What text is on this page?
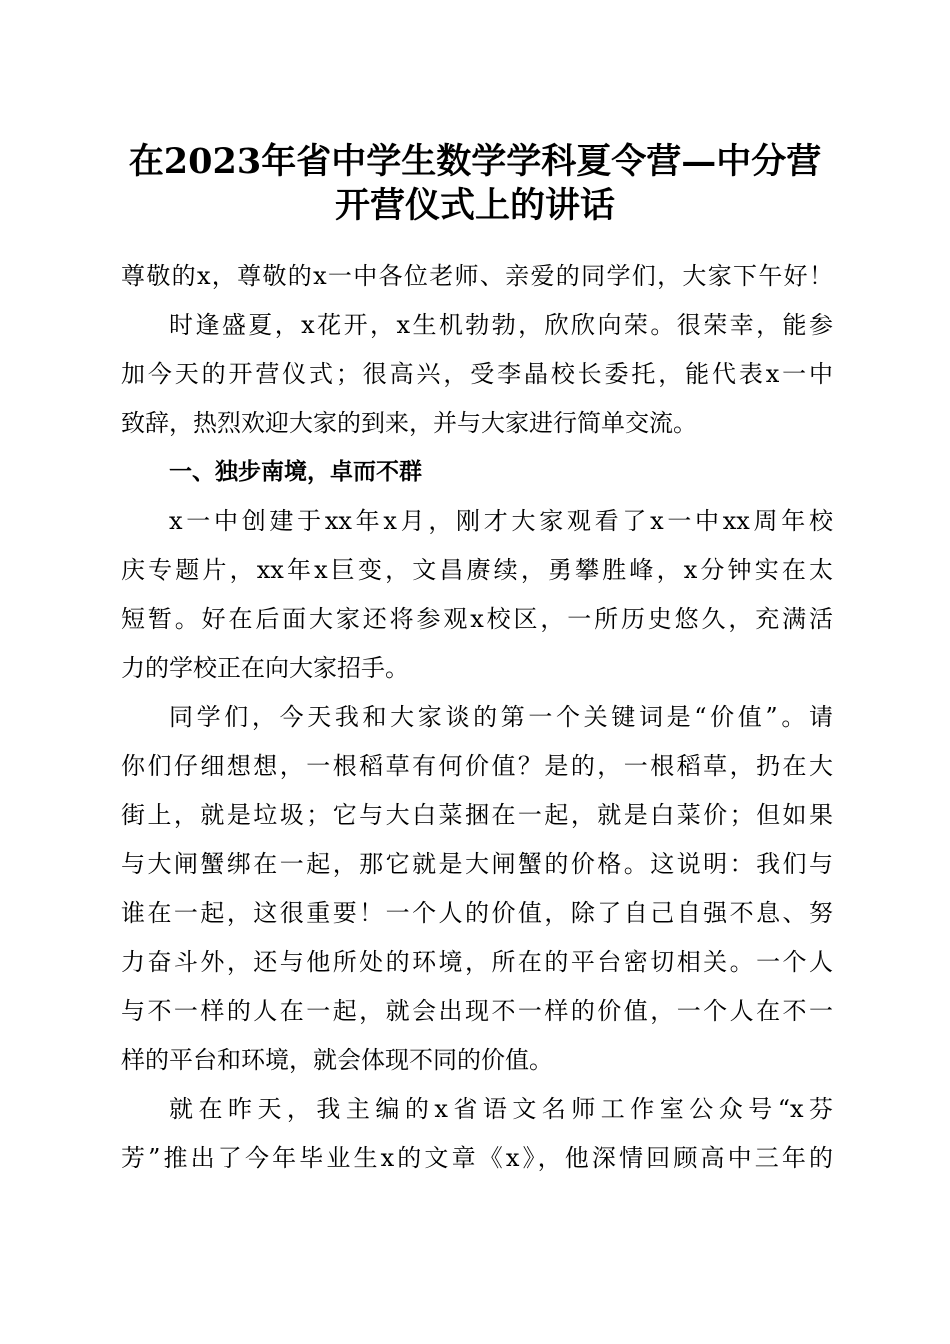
在2023年省中学生数学学科夏令营—中分营
开营仪式上的讲话
尊敬的x，尊敬的x一中各位老师、亲爱的同学们，大家下午好！
时逢盛夏，x花开，x生机勃勃，欣欣向荣。很荣幸，能参
加今天的开营仪式；很高兴，受李晶校长委托，能代表x一中
致辞，热烈欢迎大家的到来，并与大家进行简单交流。
一、独步南境，卓而不群
x一中创建于xx年x月，刚才大家观看了x一中xx周年校
庆专题片，xx年x巨变，文昌赓续，勇攀胜峰，x分钟实在太
短暂。好在后面大家还将参观x校区，一所历史悠久，充满活
力的学校正在向大家招手。
同学们，今天我和大家谈的第一个关键词是“价值”。请
你们仔细想想，一根稻草有何价值？是的，一根稻草，扔在大
街上，就是垃圾；它与大白菜捆在一起，就是白菜价；但如果
与大闸蟹绑在一起，那它就是大闸蟹的价格。这说明：我们与
谁在一起，这很重要！一个人的价值，除了自己自强不息、努
力奋斗外，还与他所处的环境，所在的平台密切相关。一个人
与不一样的人在一起，就会出现不一样的价值，一个人在不一
样的平台和环境，就会体现不同的价值。
就在昨天，我主编的x省语文名师工作室公众号“x芬
芳”推出了今年毕业生x的文章《x》，他深情回顾高中三年的
